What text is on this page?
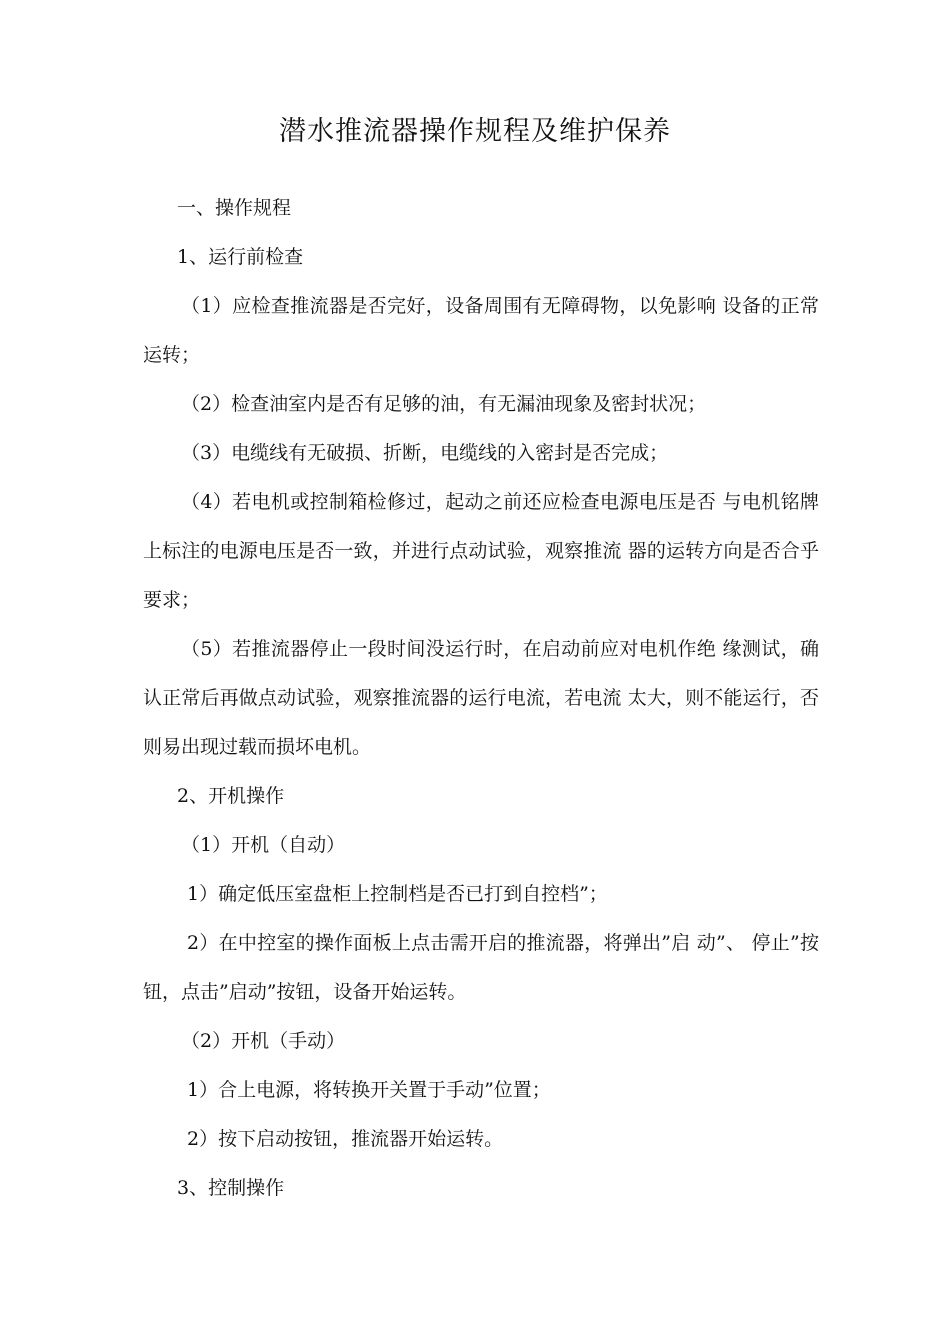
潜水推流器操作规程及维护保养

一、操作规程

1、运行前检查

（1）应检查推流器是否完好，设备周围有无障碍物，以免影响 设备的正常运转；

（2）检查油室内是否有足够的油，有无漏油现象及密封状况；

（3）电缆线有无破损、折断，电缆线的入密封是否完成；

（4）若电机或控制箱检修过，起动之前还应检查电源电压是否 与电机铭牌上标注的电源电压是否一致，并进行点动试验，观察推流 器的运转方向是否合乎要求；

（5）若推流器停止一段时间没运行时，在启动前应对电机作绝 缘测试，确认正常后再做点动试验，观察推流器的运行电流，若电流 太大，则不能运行，否则易出现过载而损坏电机。

2、开机操作

（1）开机（自动）

1）确定低压室盘柜上控制档是否已打到自控档”；

2）在中控室的操作面板上点击需开启的推流器，将弹出”启 动”、 停止”按钮，点击”启动”按钮，设备开始运转。

（2）开机（手动）

1）合上电源，将转换开关置于手动”位置；

2）按下启动按钮，推流器开始运转。

3、控制操作
